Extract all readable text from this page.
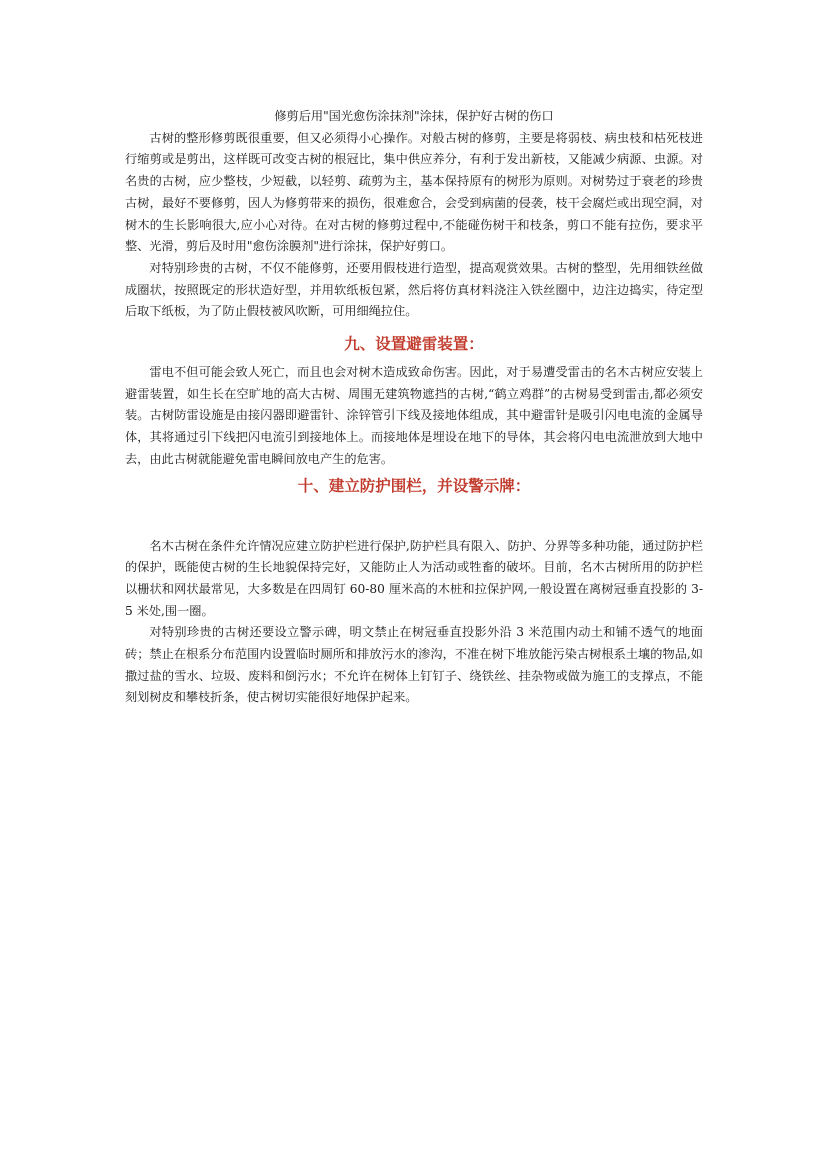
修剪后用"国光愈伤涂抹剂"涂抹，保护好古树的伤口

古树的整形修剪既很重要，但又必须得小心操作。对般古树的修剪，主要是将弱枝、病虫枝和枯死枝进行缩剪或是剪出，这样既可改变古树的根冠比，集中供应养分，有利于发出新枝，又能减少病源、虫源。对名贵的古树，应少整枝，少短截，以轻剪、疏剪为主，基本保持原有的树形为原则。对树势过于衰老的珍贵古树，最好不要修剪，因人为修剪带来的损伤，很难愈合，会受到病菌的侵袭，枝干会腐烂或出现空洞，对树木的生长影响很大,应小心对待。在对古树的修剪过程中,不能碰伤树干和枝条，剪口不能有拉伤，要求平整、光滑，剪后及时用"愈伤涂膜剂"进行涂抹，保护好剪口。

对特别珍贵的古树，不仅不能修剪，还要用假枝进行造型，提高观赏效果。古树的整型，先用细铁丝做成圈状，按照既定的形状造好型，并用软纸板包紧，然后将仿真材料浇注入铁丝圈中，边注边捣实，待定型后取下纸板，为了防止假枝被风吹断，可用细绳拉住。

九、设置避雷装置：

雷电不但可能会致人死亡，而且也会对树木造成致命伤害。因此，对于易遭受雷击的名木古树应安装上避雷装置，如生长在空旷地的高大古树、周围无建筑物遮挡的古树,“鹤立鸡群”的古树易受到雷击,都必须安装。古树防雷设施是由接闪器即避雷针、涂锌管引下线及接地体组成，其中避雷针是吸引闪电电流的金属导体，其将通过引下线把闪电流引到接地体上。而接地体是埋设在地下的导体，其会将闪电电流泄放到大地中去，由此古树就能避免雷电瞬间放电产生的危害。

十、建立防护围栏，并设警示牌：

名木古树在条件允许情况应建立防护栏进行保护,防护栏具有限入、防护、分界等多种功能，通过防护栏的保护，既能使古树的生长地貌保持完好，又能防止人为活动或牲畜的破坏。目前，名木古树所用的防护栏以栅状和网状最常见，大多数是在四周钉 60-80 厘米高的木桩和拉保护网,一般设置在离树冠垂直投影的 3-5 米处,围一圈。

对特别珍贵的古树还要设立警示碑，明文禁止在树冠垂直投影外沿 3 米范围内动土和铺不透气的地面砖；禁止在根系分布范围内设置临时厕所和排放污水的渗沟，不准在树下堆放能污染古树根系土壤的物品,如撒过盐的雪水、垃圾、废料和倒污水；不允许在树体上钉钉子、绕铁丝、挂杂物或做为施工的支撑点，不能刻划树皮和攀枝折条，使古树切实能很好地保护起来。
